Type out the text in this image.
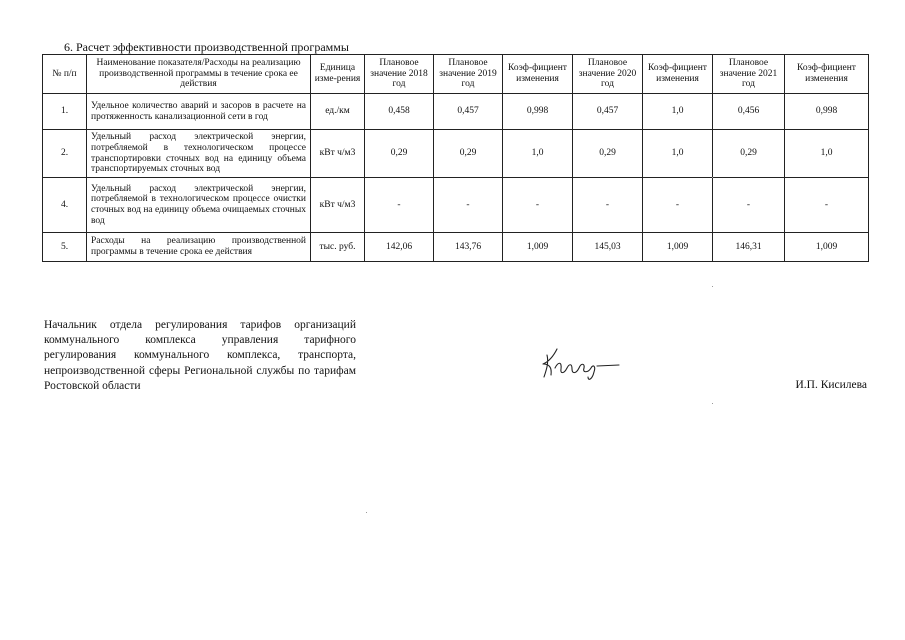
6. Расчет эффективности производственной программы
№ п/п	Наименование показателя/Расходы на реализацию производственной программы в течение срока ее действия	Единица изме-рения	Плановое значение 2018 год	Плановое значение 2019 год	Коэф-фициент изменения	Плановое значение 2020 год	Коэф-фициент изменения	Плановое значение 2021 год	Коэф-фициент изменения
1.	Удельное количество аварий и засоров в расчете на протяженность канализационной сети в год	ед./км	0,458	0,457	0,998	0,457	1,0	0,456	0,998
2.	Удельный расход электрической энергии, потребляемой в технологическом процессе транспортировки сточных вод на единицу объема транспортируемых сточных вод	кВт ч/м3	0,29	0,29	1,0	0,29	1,0	0,29	1,0
4.	Удельный расход электрической энергии, потребляемой в технологическом процессе очистки сточных вод на единицу объема очищаемых сточных вод	кВт ч/м3	-	-	-	-	-	-	-
5.	Расходы на реализацию производственной программы в течение срока ее действия	тыс. руб.	142,06	143,76	1,009	145,03	1,009	146,31	1,009
Начальник отдела регулирования тарифов организаций коммунального комплекса управления тарифного регулирования коммунального комплекса, транспорта, непроизводственной сферы Региональной службы по тарифам Ростовской области	И.П. Кисилева
